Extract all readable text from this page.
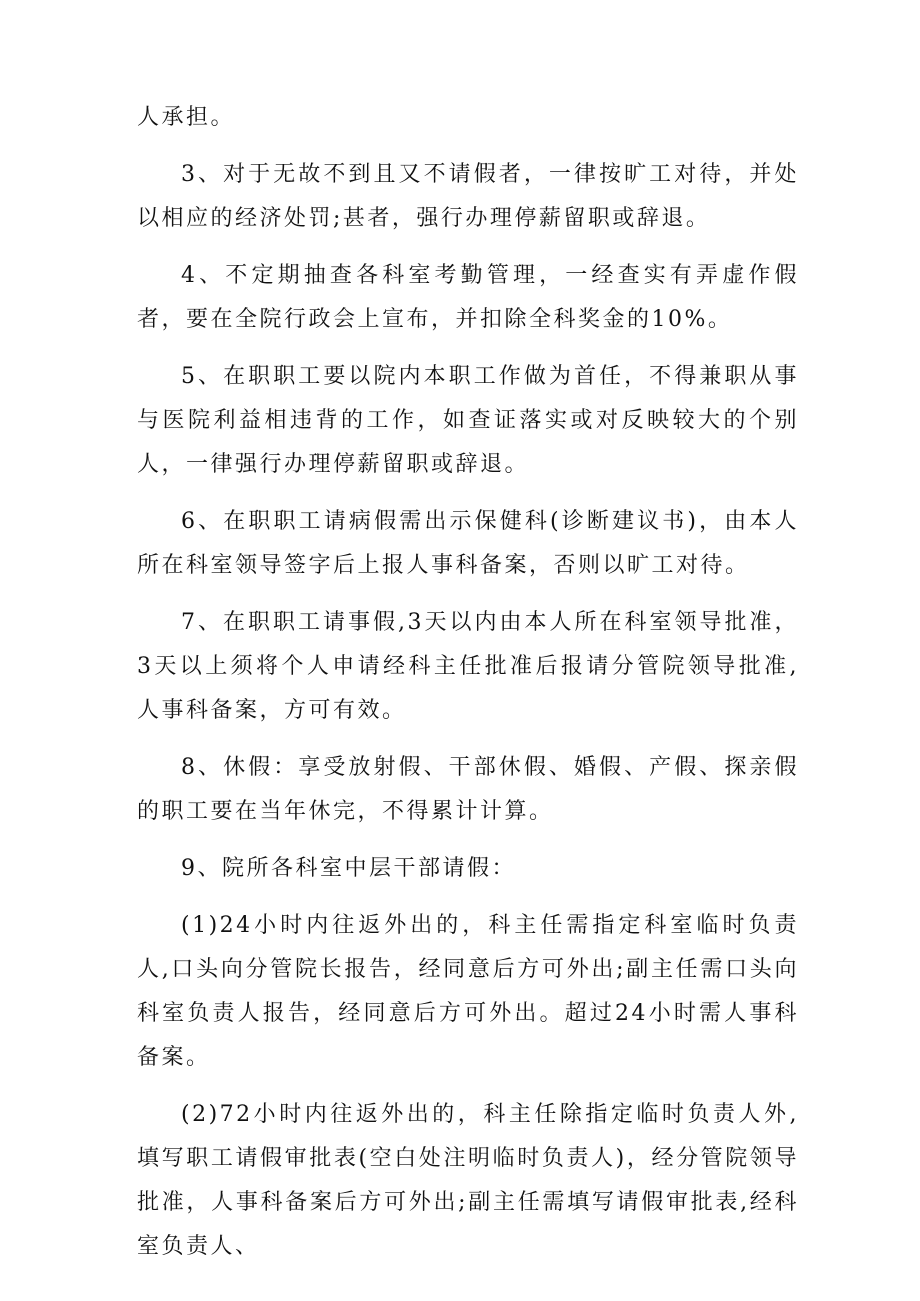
人承担。

3、对于无故不到且又不请假者，一律按旷工对待，并处以相应的经济处罚;甚者，强行办理停薪留职或辞退。

4、不定期抽查各科室考勤管理，一经查实有弄虚作假者，要在全院行政会上宣布，并扣除全科奖金的10%。

5、在职职工要以院内本职工作做为首任，不得兼职从事与医院利益相违背的工作，如查证落实或对反映较大的个别人，一律强行办理停薪留职或辞退。

6、在职职工请病假需出示保健科(诊断建议书)，由本人所在科室领导签字后上报人事科备案，否则以旷工对待。

7、在职职工请事假,3天以内由本人所在科室领导批准，3天以上须将个人申请经科主任批准后报请分管院领导批准,人事科备案，方可有效。

8、休假：享受放射假、干部休假、婚假、产假、探亲假的职工要在当年休完，不得累计计算。

9、院所各科室中层干部请假：

(1)24小时内往返外出的，科主任需指定科室临时负责人,口头向分管院长报告，经同意后方可外出;副主任需口头向科室负责人报告，经同意后方可外出。超过24小时需人事科备案。

(2)72小时内往返外出的，科主任除指定临时负责人外,填写职工请假审批表(空白处注明临时负责人)，经分管院领导批准，人事科备案后方可外出;副主任需填写请假审批表,经科室负责人、
